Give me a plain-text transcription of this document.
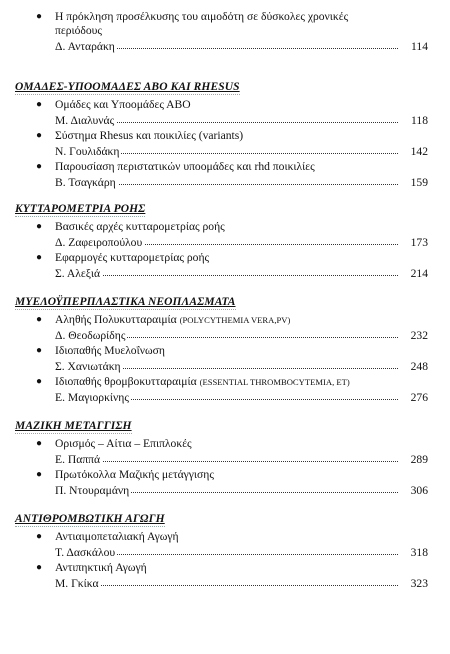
● Η πρόκληση προσέλκυσης του αιμοδότη σε δύσκολες χρονικές
περιόδους
Δ. Ανταράκη	114
ΟΜΑΔΕΣ-ΥΠΟΟΜΑΔΕΣ ΑΒΟ ΚΑΙ RHESUS
● Ομάδες και Υποομάδες ΑΒΟ
Μ. Διαλυνάς	118
● Σύστημα Rhesus και ποικιλίες (variants)
Ν. Γουλιδάκη	142
● Παρουσίαση περιστατικών υποομάδες και rhd ποικιλίες
Β. Τσαγκάρη	159
ΚΥΤΤΑΡΟΜΕΤΡΙΑ ΡΟΗΣ
● Βασικές αρχές κυτταρομετρίας ροής
Δ. Ζαφειροπούλου	173
● Εφαρμογές κυτταρομετρίας ροής
Σ. Αλεξιά	214
ΜΥΕΛΟΫΠΕΡΠΛΑΣΤΙΚΑ ΝΕΟΠΛΑΣΜΑΤΑ
● Αληθής Πολυκυτταραιμία (POLYCYTHEMIA VERA,PV)
Δ. Θεοδωρίδης	232
● Ιδιοπαθής Μυελοΐνωση
Σ. Χανιωτάκη	248
● Ιδιοπαθής θρομβοκυτταραιμία (ESSENTIAL THROMBOCYTEMIA, ET)
Ε. Μαγιορκίνης	276
ΜΑΖΙΚΗ ΜΕΤΑΓΓΙΣΗ
● Ορισμός – Αίτια – Επιπλοκές
Ε. Παππά	289
● Πρωτόκολλα Μαζικής μετάγγισης
Π. Ντουραμάνη	306
ΑΝΤΙΘΡΟΜΒΩΤΙΚΗ ΑΓΩΓΗ
● Αντιαιμοπεταλιακή Αγωγή
Τ. Δασκάλου	318
● Αντιπηκτική Αγωγή
Μ. Γκίκα	323
